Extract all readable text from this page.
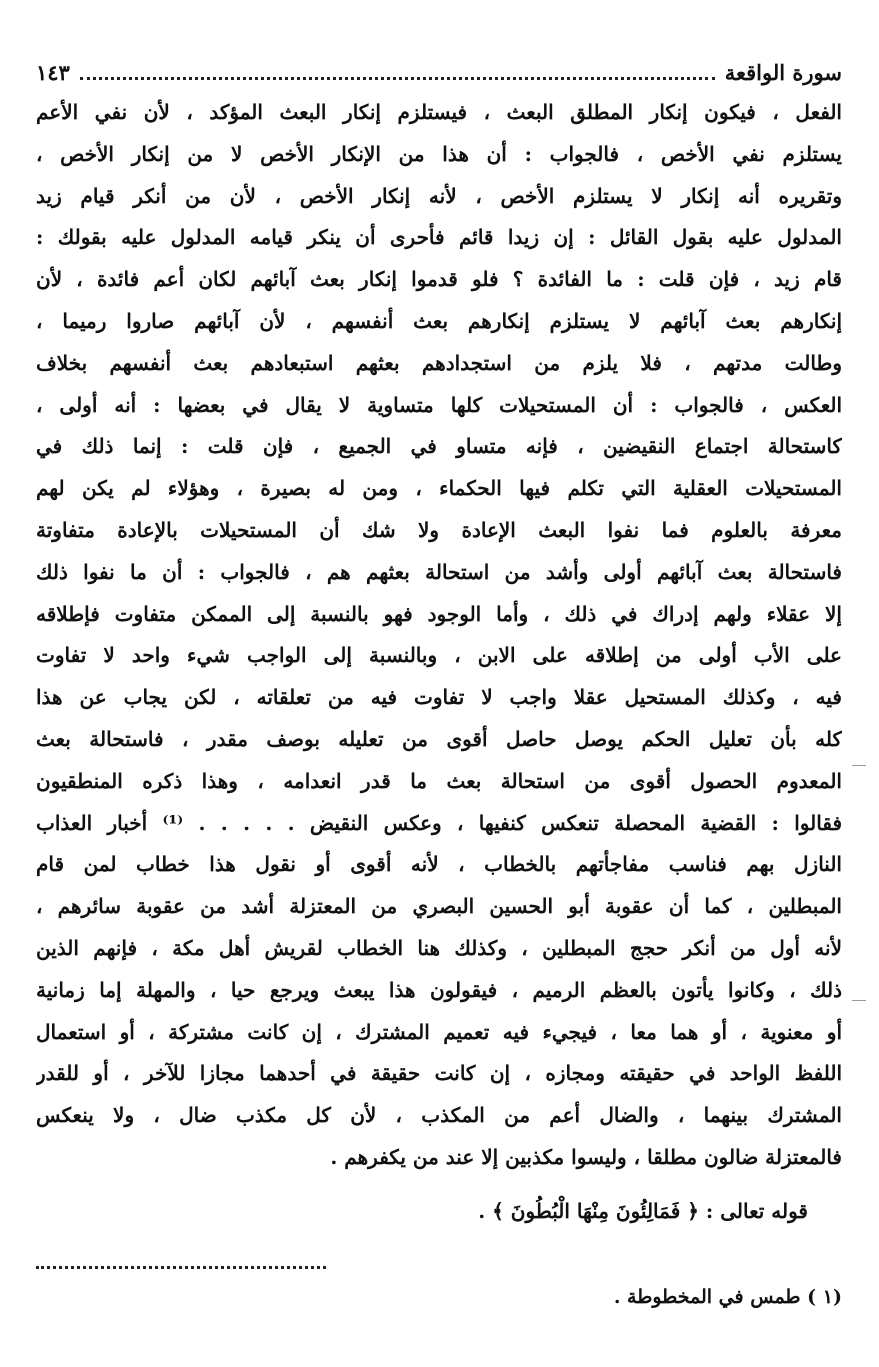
سورة الواقعة
١٤٣
الفعل ، فيكون إنكار المطلق البعث ، فيستلزم إنكار البعث المؤكد ، لأن نفي الأعم
يستلزم نفي الأخص ، فالجواب : أن هذا من الإنكار الأخص لا من إنكار الأخص ،
وتقريره أنه إنكار لا يستلزم الأخص ، لأنه إنكار الأخص ، لأن من أنكر قيام زيد
المدلول عليه بقول القائل : إن زيدا قائم فأحرى أن ينكر قيامه المدلول عليه بقولك :
قام زيد ، فإن قلت : ما الفائدة ؟ فلو قدموا إنكار بعث آبائهم لكان أعم فائدة ، لأن
إنكارهم بعث آبائهم لا يستلزم إنكارهم بعث أنفسهم ، لأن آبائهم صاروا رميما ،
وطالت مدتهم ، فلا يلزم من استجدادهم بعثهم استبعادهم بعث أنفسهم بخلاف
العكس ، فالجواب : أن المستحيلات كلها متساوية لا يقال في بعضها : أنه أولى ،
كاستحالة اجتماع النقيضين ، فإنه متساو في الجميع ، فإن قلت : إنما ذلك في
المستحيلات العقلية التي تكلم فيها الحكماء ، ومن له بصيرة ، وهؤلاء لم يكن لهم
معرفة بالعلوم فما نفوا البعث الإعادة ولا شك أن المستحيلات بالإعادة متفاوتة
فاستحالة بعث آبائهم أولى وأشد من استحالة بعثهم هم ، فالجواب : أن ما نفوا ذلك
إلا عقلاء ولهم إدراك في ذلك ، وأما الوجود فهو بالنسبة إلى الممكن متفاوت فإطلاقه
على الأب أولى من إطلاقه على الابن ، وبالنسبة إلى الواجب شيء واحد لا تفاوت
فيه ، وكذلك المستحيل عقلا واجب لا تفاوت فيه من تعلقاته ، لكن يجاب عن هذا
كله بأن تعليل الحكم يوصل حاصل أقوى من تعليله بوصف مقدر ، فاستحالة بعث
المعدوم الحصول أقوى من استحالة بعث ما قدر انعدامه ، وهذا ذكره المنطقيون
فقالوا : القضية المحصلة تنعكس كنفيها ، وعكس النقيض . . . . . ⁽¹⁾ أخبار العذاب
النازل بهم فناسب مفاجأتهم بالخطاب ، لأنه أقوى أو نقول هذا خطاب لمن قام
المبطلين ، كما أن عقوبة أبو الحسين البصري من المعتزلة أشد من عقوبة سائرهم ،
لأنه أول من أنكر حجج المبطلين ، وكذلك هنا الخطاب لقريش أهل مكة ، فإنهم الذين
ذلك ، وكانوا يأتون بالعظم الرميم ، فيقولون هذا يبعث ويرجع حيا ، والمهلة إما زمانية
أو معنوية ، أو هما معا ، فيجيء فيه تعميم المشترك ، إن كانت مشتركة ، أو استعمال
اللفظ الواحد في حقيقته ومجازه ، إن كانت حقيقة في أحدهما مجازا للآخر ، أو للقدر
المشترك بينهما ، والضال أعم من المكذب ، لأن كل مكذب ضال ، ولا ينعكس
فالمعتزلة ضالون مطلقا ، وليسوا مكذبين إلا عند من يكفرهم .
قوله تعالى : ﴿ فَمَالِئُونَ مِنْهَا الْبُطُونَ ﴾ .
(١ ) طمس في المخطوطة .
